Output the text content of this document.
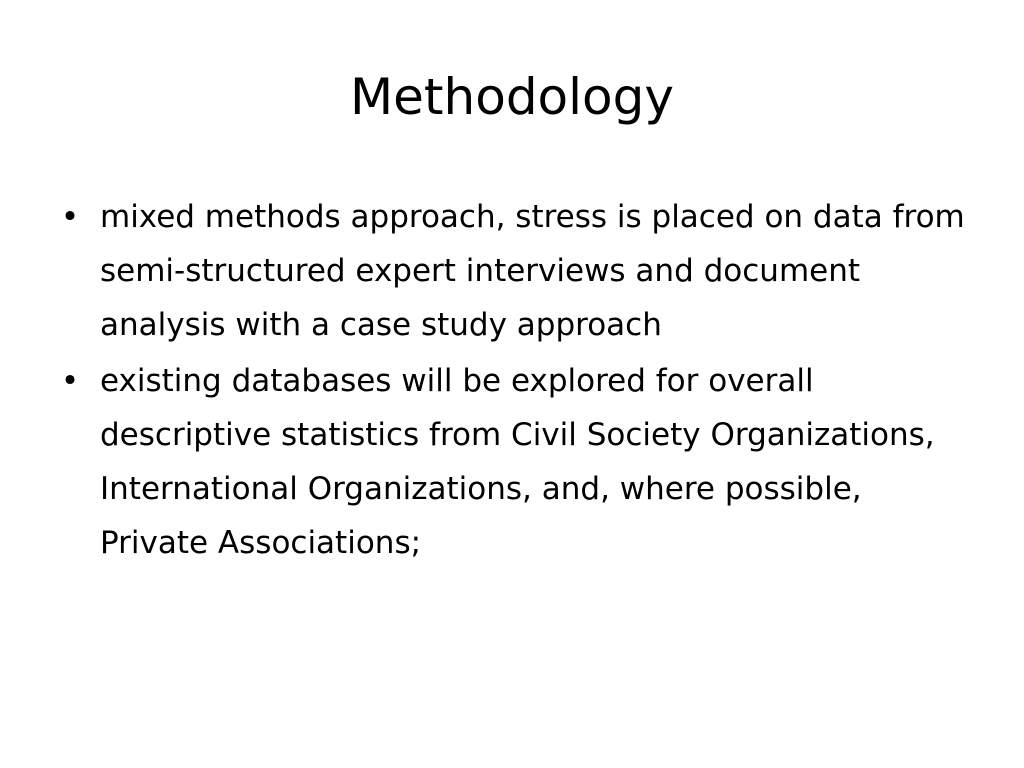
Methodology
• mixed methods approach, stress is placed on data from semi-structured expert interviews and document analysis with a case study approach
• existing databases will be explored for overall descriptive statistics from Civil Society Organizations, International Organizations, and, where possible, Private Associations;
